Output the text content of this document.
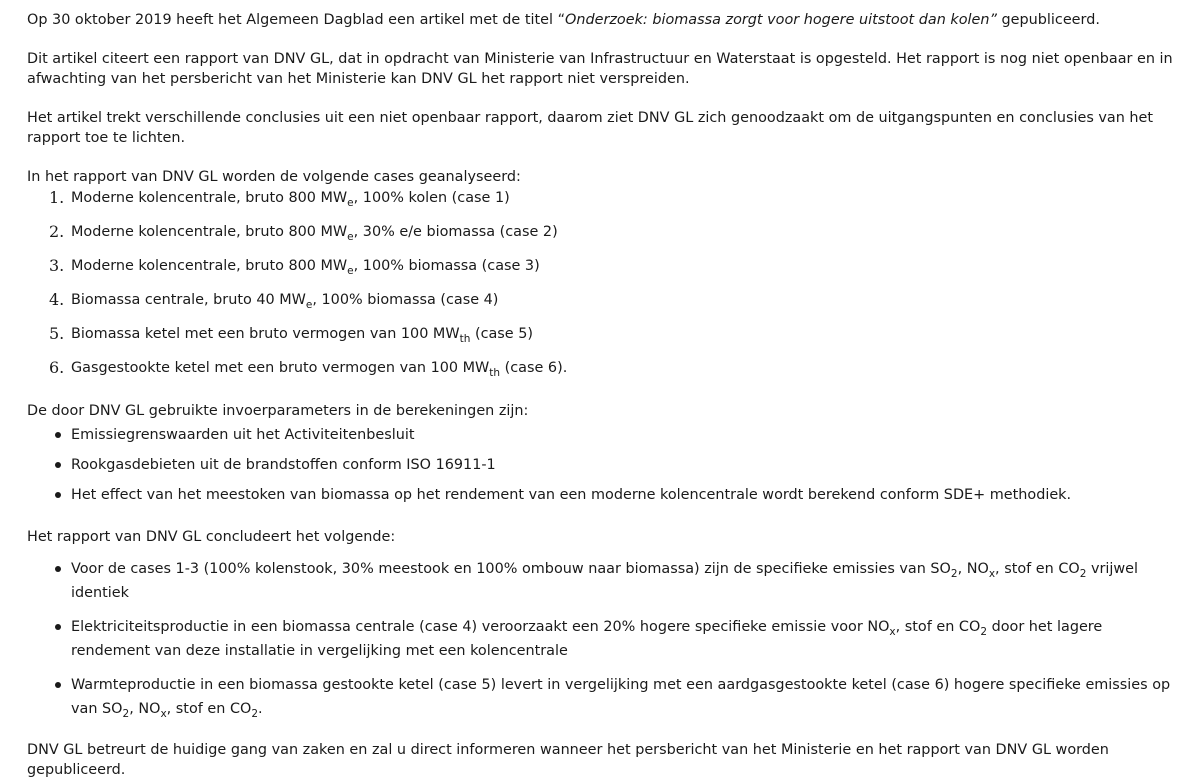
Op 30 oktober 2019 heeft het Algemeen Dagblad een artikel met de titel “Onderzoek: biomassa zorgt voor hogere uitstoot dan kolen” gepubliceerd.

Dit artikel citeert een rapport van DNV GL, dat in opdracht van Ministerie van Infrastructuur en Waterstaat is opgesteld. Het rapport is nog niet openbaar en in afwachting van het persbericht van het Ministerie kan DNV GL het rapport niet verspreiden.

Het artikel trekt verschillende conclusies uit een niet openbaar rapport, daarom ziet DNV GL zich genoodzaakt om de uitgangspunten en conclusies van het rapport toe te lichten.

In het rapport van DNV GL worden de volgende cases geanalyseerd:

1. Moderne kolencentrale, bruto 800 $MW_e$, 100% kolen (case 1)
2. Moderne kolencentrale, bruto 800 $MW_e$, 30% e/e biomassa (case 2)
3. Moderne kolencentrale, bruto 800 $MW_e$, 100% biomassa (case 3)
4. Biomassa centrale, bruto 40 $MW_e$, 100% biomassa (case 4)
5. Biomassa ketel met een bruto vermogen van 100 $MW_{th}$ (case 5)
6. Gasgestookte ketel met een bruto vermogen van 100 $MW_{th}$ (case 6).

De door DNV GL gebruikte invoerparameters in de berekeningen zijn:

Emissiegrenswaarden uit het Activiteitenbesluit
Rookgasdebieten uit de brandstoffen conform ISO 16911-1
Het effect van het meestoken van biomassa op het rendement van een moderne kolencentrale wordt berekend conform SDE+ methodiek.

Het rapport van DNV GL concludeert het volgende:

Voor de cases 1-3 (100% kolenstook, 30% meestook en 100% ombouw naar biomassa) zijn de specifieke emissies van $SO_2$, $NO_x$, stof en $CO_2$ vrijwel identiek
Elektriciteitsproductie in een biomassa centrale (case 4) veroorzaakt een 20% hogere specifieke emissie voor $NO_x$, stof en $CO_2$ door het lagere rendement van deze installatie in vergelijking met een kolencentrale
Warmteproductie in een biomassa gestookte ketel (case 5) levert in vergelijking met een aardgasgestookte ketel (case 6) hogere specifieke emissies op van $SO_2$, $NO_x$, stof en $CO_2$.

DNV GL betreurt de huidige gang van zaken en zal u direct informeren wanneer het persbericht van het Ministerie en het rapport van DNV GL worden gepubliceerd.
